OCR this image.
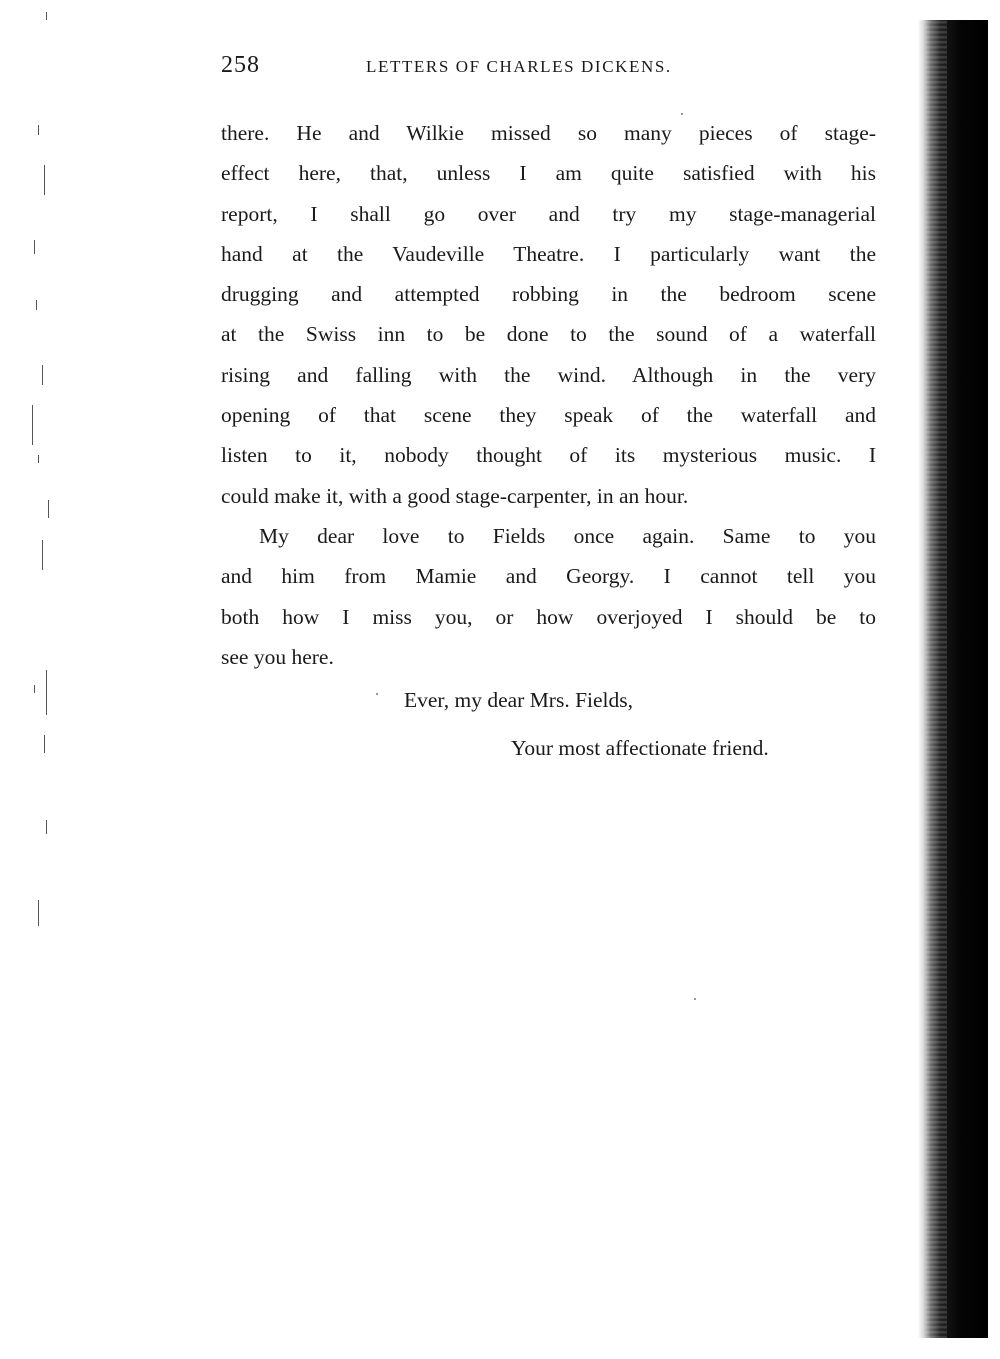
258	LETTERS OF CHARLES DICKENS.
there. He and Wilkie missed so many pieces of stage-
effect here, that, unless I am quite satisfied with his
report, I shall go over and try my stage-managerial
hand at the Vaudeville Theatre. I particularly want the
drugging and attempted robbing in the bedroom scene
at the Swiss inn to be done to the sound of a waterfall
rising and falling with the wind. Although in the very
opening of that scene they speak of the waterfall and
listen to it, nobody thought of its mysterious music. I
could make it, with a good stage-carpenter, in an hour.
My dear love to Fields once again. Same to you
and him from Mamie and Georgy. I cannot tell you
both how I miss you, or how overjoyed I should be to
see you here.
Ever, my dear Mrs. Fields,
Your most affectionate friend.
